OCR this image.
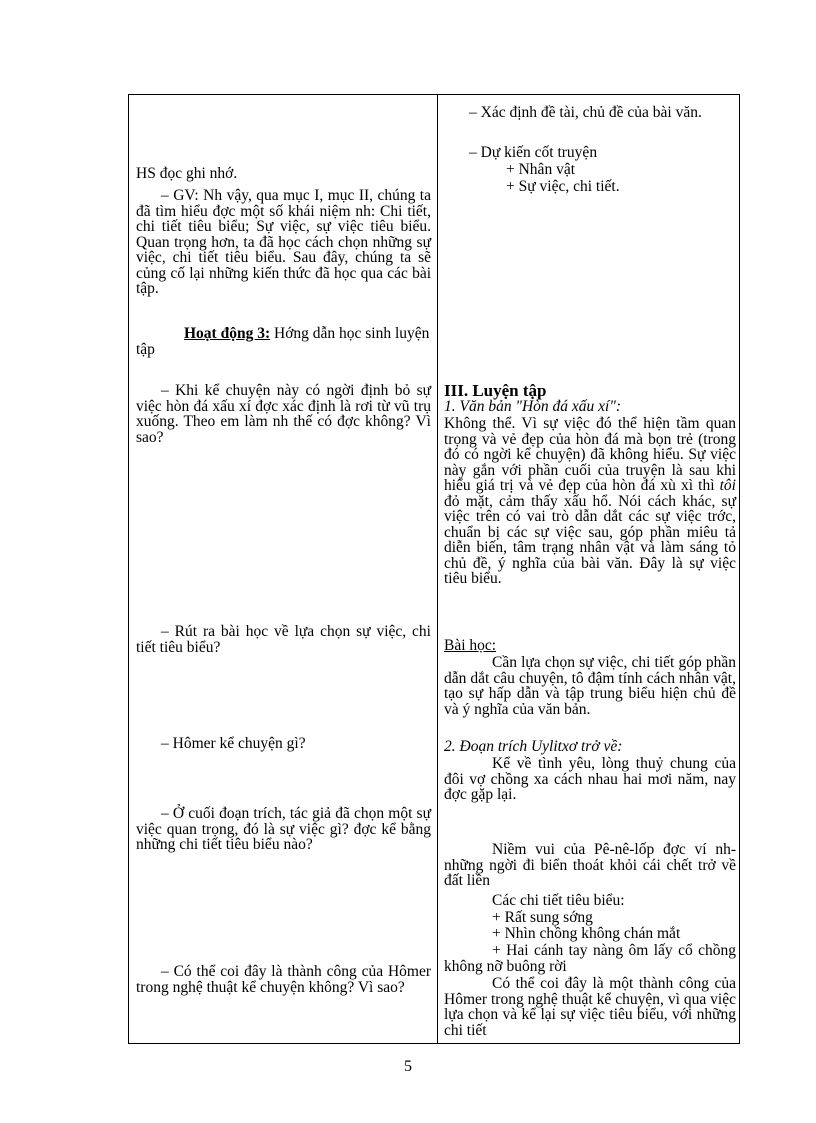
HS đọc ghi nhớ.
– GV: Nh vậy, qua mục I, mục II, chúng ta đã tìm hiểu đợc một số khái niệm nh: Chi tiết, chi tiết tiêu biểu; Sự việc, sự việc tiêu biểu. Quan trọng hơn, ta đã học cách chọn những sự việc, chi tiết tiêu biểu. Sau đây, chúng ta sẽ củng cố lại những kiến thức đã học qua các bài tập.
Hoạt động 3: Hớng dẫn học sinh luyện tập
– Khi kể chuyện này có ngời định bỏ sự việc hòn đá xấu xí đợc xác định là rơi từ vũ trụ xuống. Theo em làm nh thế có đợc không? Vì sao?
– Rút ra bài học về lựa chọn sự việc, chi tiết tiêu biểu?
– Hômer kể chuyện gì?
– Ở cuối đoạn trích, tác giả đã chọn một sự việc quan trọng, đó là sự việc gì? đợc kể bằng những chi tiết tiêu biểu nào?
– Có thể coi đây là thành công của Hômer trong nghệ thuật kể chuyện không? Vì sao?
– Xác định đề tài, chủ đề của bài văn.
– Dự kiến cốt truyện
+ Nhân vật
+ Sự việc, chi tiết.
III. Luyện tập
1. Văn bản "Hòn đá xấu xí":
Không thể. Vì sự việc đó thể hiện tầm quan trọng và vẻ đẹp của hòn đá mà bọn trẻ (trong đó có ngời kể chuyện) đã không hiểu. Sự việc này gắn với phần cuối của truyện là sau khi hiểu giá trị và vẻ đẹp của hòn đá xù xì thì tôi đỏ mặt, cảm thấy xấu hổ. Nói cách khác, sự việc trên có vai trò dẫn dắt các sự việc trớc, chuẩn bị các sự việc sau, góp phần miêu tả diễn biến, tâm trạng nhân vật và làm sáng tỏ chủ đề, ý nghĩa của bài văn. Đây là sự việc tiêu biểu.
Bài học:
Cần lựa chọn sự việc, chi tiết góp phần dẫn dắt câu chuyện, tô đậm tính cách nhân vật, tạo sự hấp dẫn và tập trung biểu hiện chủ đề và ý nghĩa của văn bản.
2. Đoạn trích Uylitxơ trở về:
Kể về tình yêu, lòng thuỷ chung của đôi vợ chồng xa cách nhau hai mơi năm, nay đợc gặp lại.
Niềm vui của Pê-nê-lốp đợc ví nh những ngời đi biển thoát khỏi cái chết trở về đất liền
Các chi tiết tiêu biểu:
+ Rất sung sớng
+ Nhìn chồng không chán mắt
+ Hai cánh tay nàng ôm lấy cổ chồng không nỡ buông rời
Có thể coi đây là một thành công của Hômer trong nghệ thuật kể chuyện, vì qua việc lựa chọn và kể lại sự việc tiêu biểu, với những chi tiết
5
